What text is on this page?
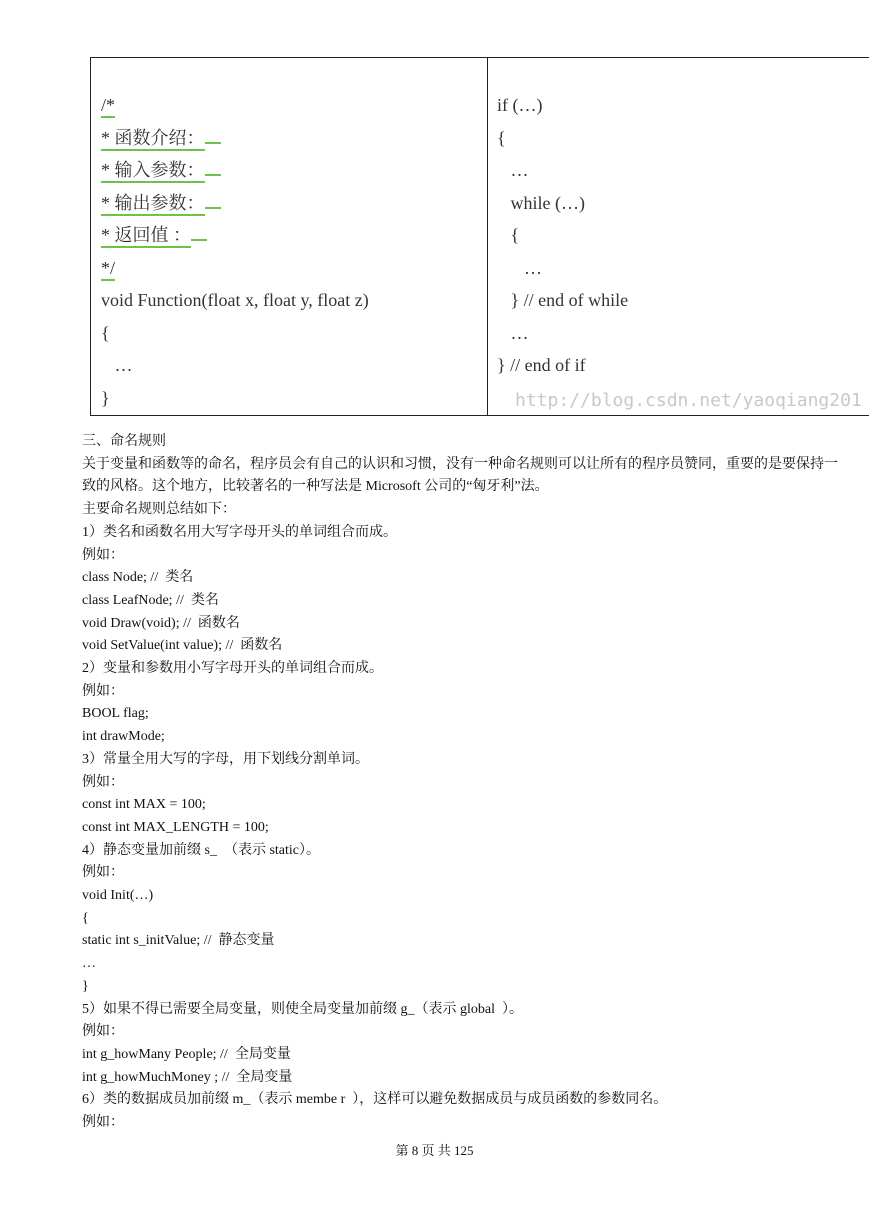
/*
* 函数介绍：
* 输入参数：
* 输出参数：
* 返回值 ：
*/
void Function(float x, float y, float z)
{
…
}
if (…)
{
…
while (…)
{
…
} // end of while
…
} // end of if
http://blog.csdn.net/yaoqiang201

三、命名规则

关于变量和函数等的命名，程序员会有自己的认识和习惯，没有一种命名规则可以让所有的程序员赞同，重要的是要保持一致的风格。这个地方，比较著名的一种写法是 Microsoft 公司的“匈牙利”法。

主要命名规则总结如下：

1）类名和函数名用大写字母开头的单词组合而成。

例如：

class Node; //  类名

class LeafNode; //  类名

void Draw(void); //  函数名

void SetValue(int value); //  函数名

2）变量和参数用小写字母开头的单词组合而成。

例如：

BOOL flag;

int drawMode;

3）常量全用大写的字母，用下划线分割单词。

例如：

const int MAX = 100;

const int MAX_LENGTH = 100;

4）静态变量加前缀 s_  （表示 static）。

例如：

void Init(…)

{

static int s_initValue; //  静态变量

…

}

5）如果不得已需要全局变量，则使全局变量加前缀 g_（表示 global  ）。

例如：

int g_howMany People; //  全局变量

int g_howMuchMoney ; //  全局变量

6）类的数据成员加前缀 m_（表示 membe r  ），这样可以避免数据成员与成员函数的参数同名。

例如：

第 8 页 共 125
